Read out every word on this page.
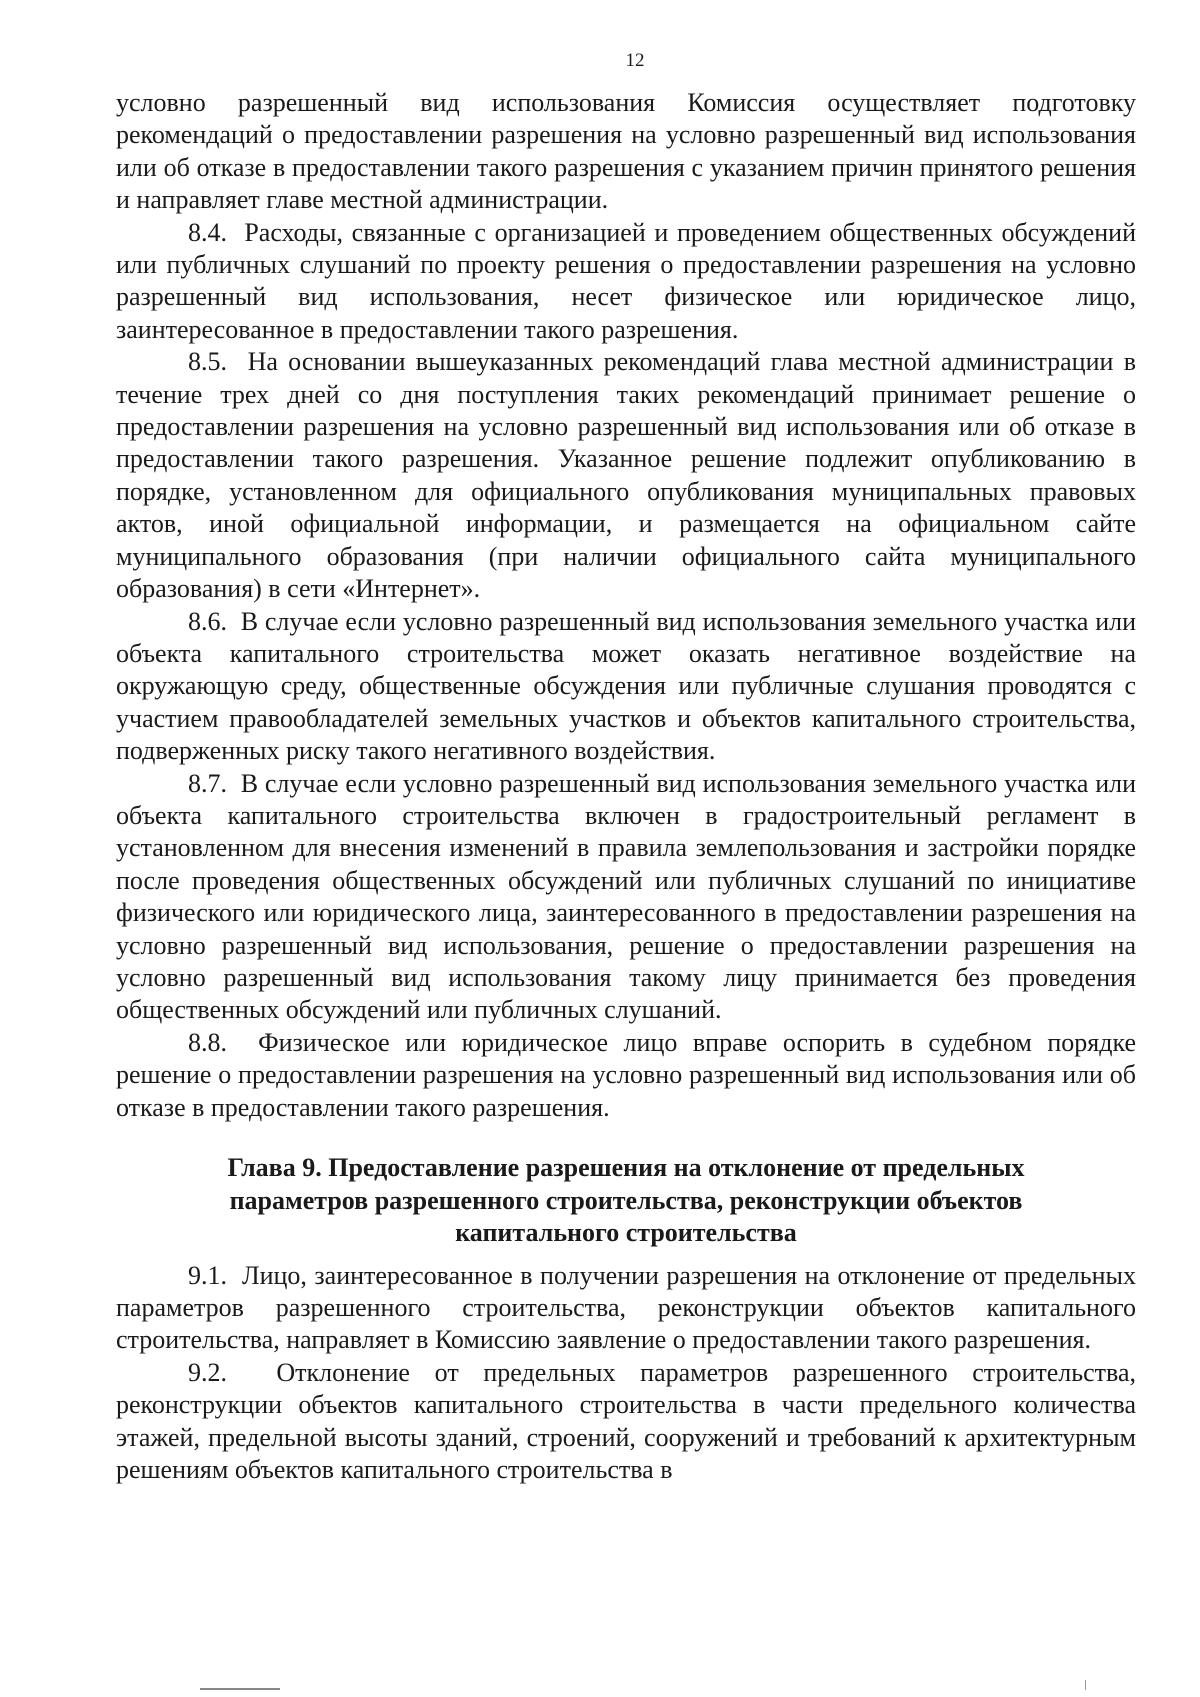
12

условно разрешенный вид использования Комиссия осуществляет подготовку рекомендаций о предоставлении разрешения на условно разрешенный вид использования или об отказе в предоставлении такого разрешения с указанием причин принятого решения и направляет главе местной администрации.

8.4. Расходы, связанные с организацией и проведением общественных обсуждений или публичных слушаний по проекту решения о предоставлении разрешения на условно разрешенный вид использования, несет физическое или юридическое лицо, заинтересованное в предоставлении такого разрешения.

8.5. На основании вышеуказанных рекомендаций глава местной администрации в течение трех дней со дня поступления таких рекомендаций принимает решение о предоставлении разрешения на условно разрешенный вид использования или об отказе в предоставлении такого разрешения. Указанное решение подлежит опубликованию в порядке, установленном для официального опубликования муниципальных правовых актов, иной официальной информации, и размещается на официальном сайте муниципального образования (при наличии официального сайта муниципального образования) в сети «Интернет».

8.6. В случае если условно разрешенный вид использования земельного участка или объекта капитального строительства может оказать негативное воздействие на окружающую среду, общественные обсуждения или публичные слушания проводятся с участием правообладателей земельных участков и объектов капитального строительства, подверженных риску такого негативного воздействия.

8.7. В случае если условно разрешенный вид использования земельного участка или объекта капитального строительства включен в градостроительный регламент в установленном для внесения изменений в правила землепользования и застройки порядке после проведения общественных обсуждений или публичных слушаний по инициативе физического или юридического лица, заинтересованного в предоставлении разрешения на условно разрешенный вид использования, решение о предоставлении разрешения на условно разрешенный вид использования такому лицу принимается без проведения общественных обсуждений или публичных слушаний.

8.8. Физическое или юридическое лицо вправе оспорить в судебном порядке решение о предоставлении разрешения на условно разрешенный вид использования или об отказе в предоставлении такого разрешения.

Глава 9. Предоставление разрешения на отклонение от предельных параметров разрешенного строительства, реконструкции объектов капитального строительства

9.1. Лицо, заинтересованное в получении разрешения на отклонение от предельных параметров разрешенного строительства, реконструкции объектов капитального строительства, направляет в Комиссию заявление о предоставлении такого разрешения.

9.2. Отклонение от предельных параметров разрешенного строительства, реконструкции объектов капитального строительства в части предельного количества этажей, предельной высоты зданий, строений, сооружений и требований к архитектурным решениям объектов капитального строительства в
